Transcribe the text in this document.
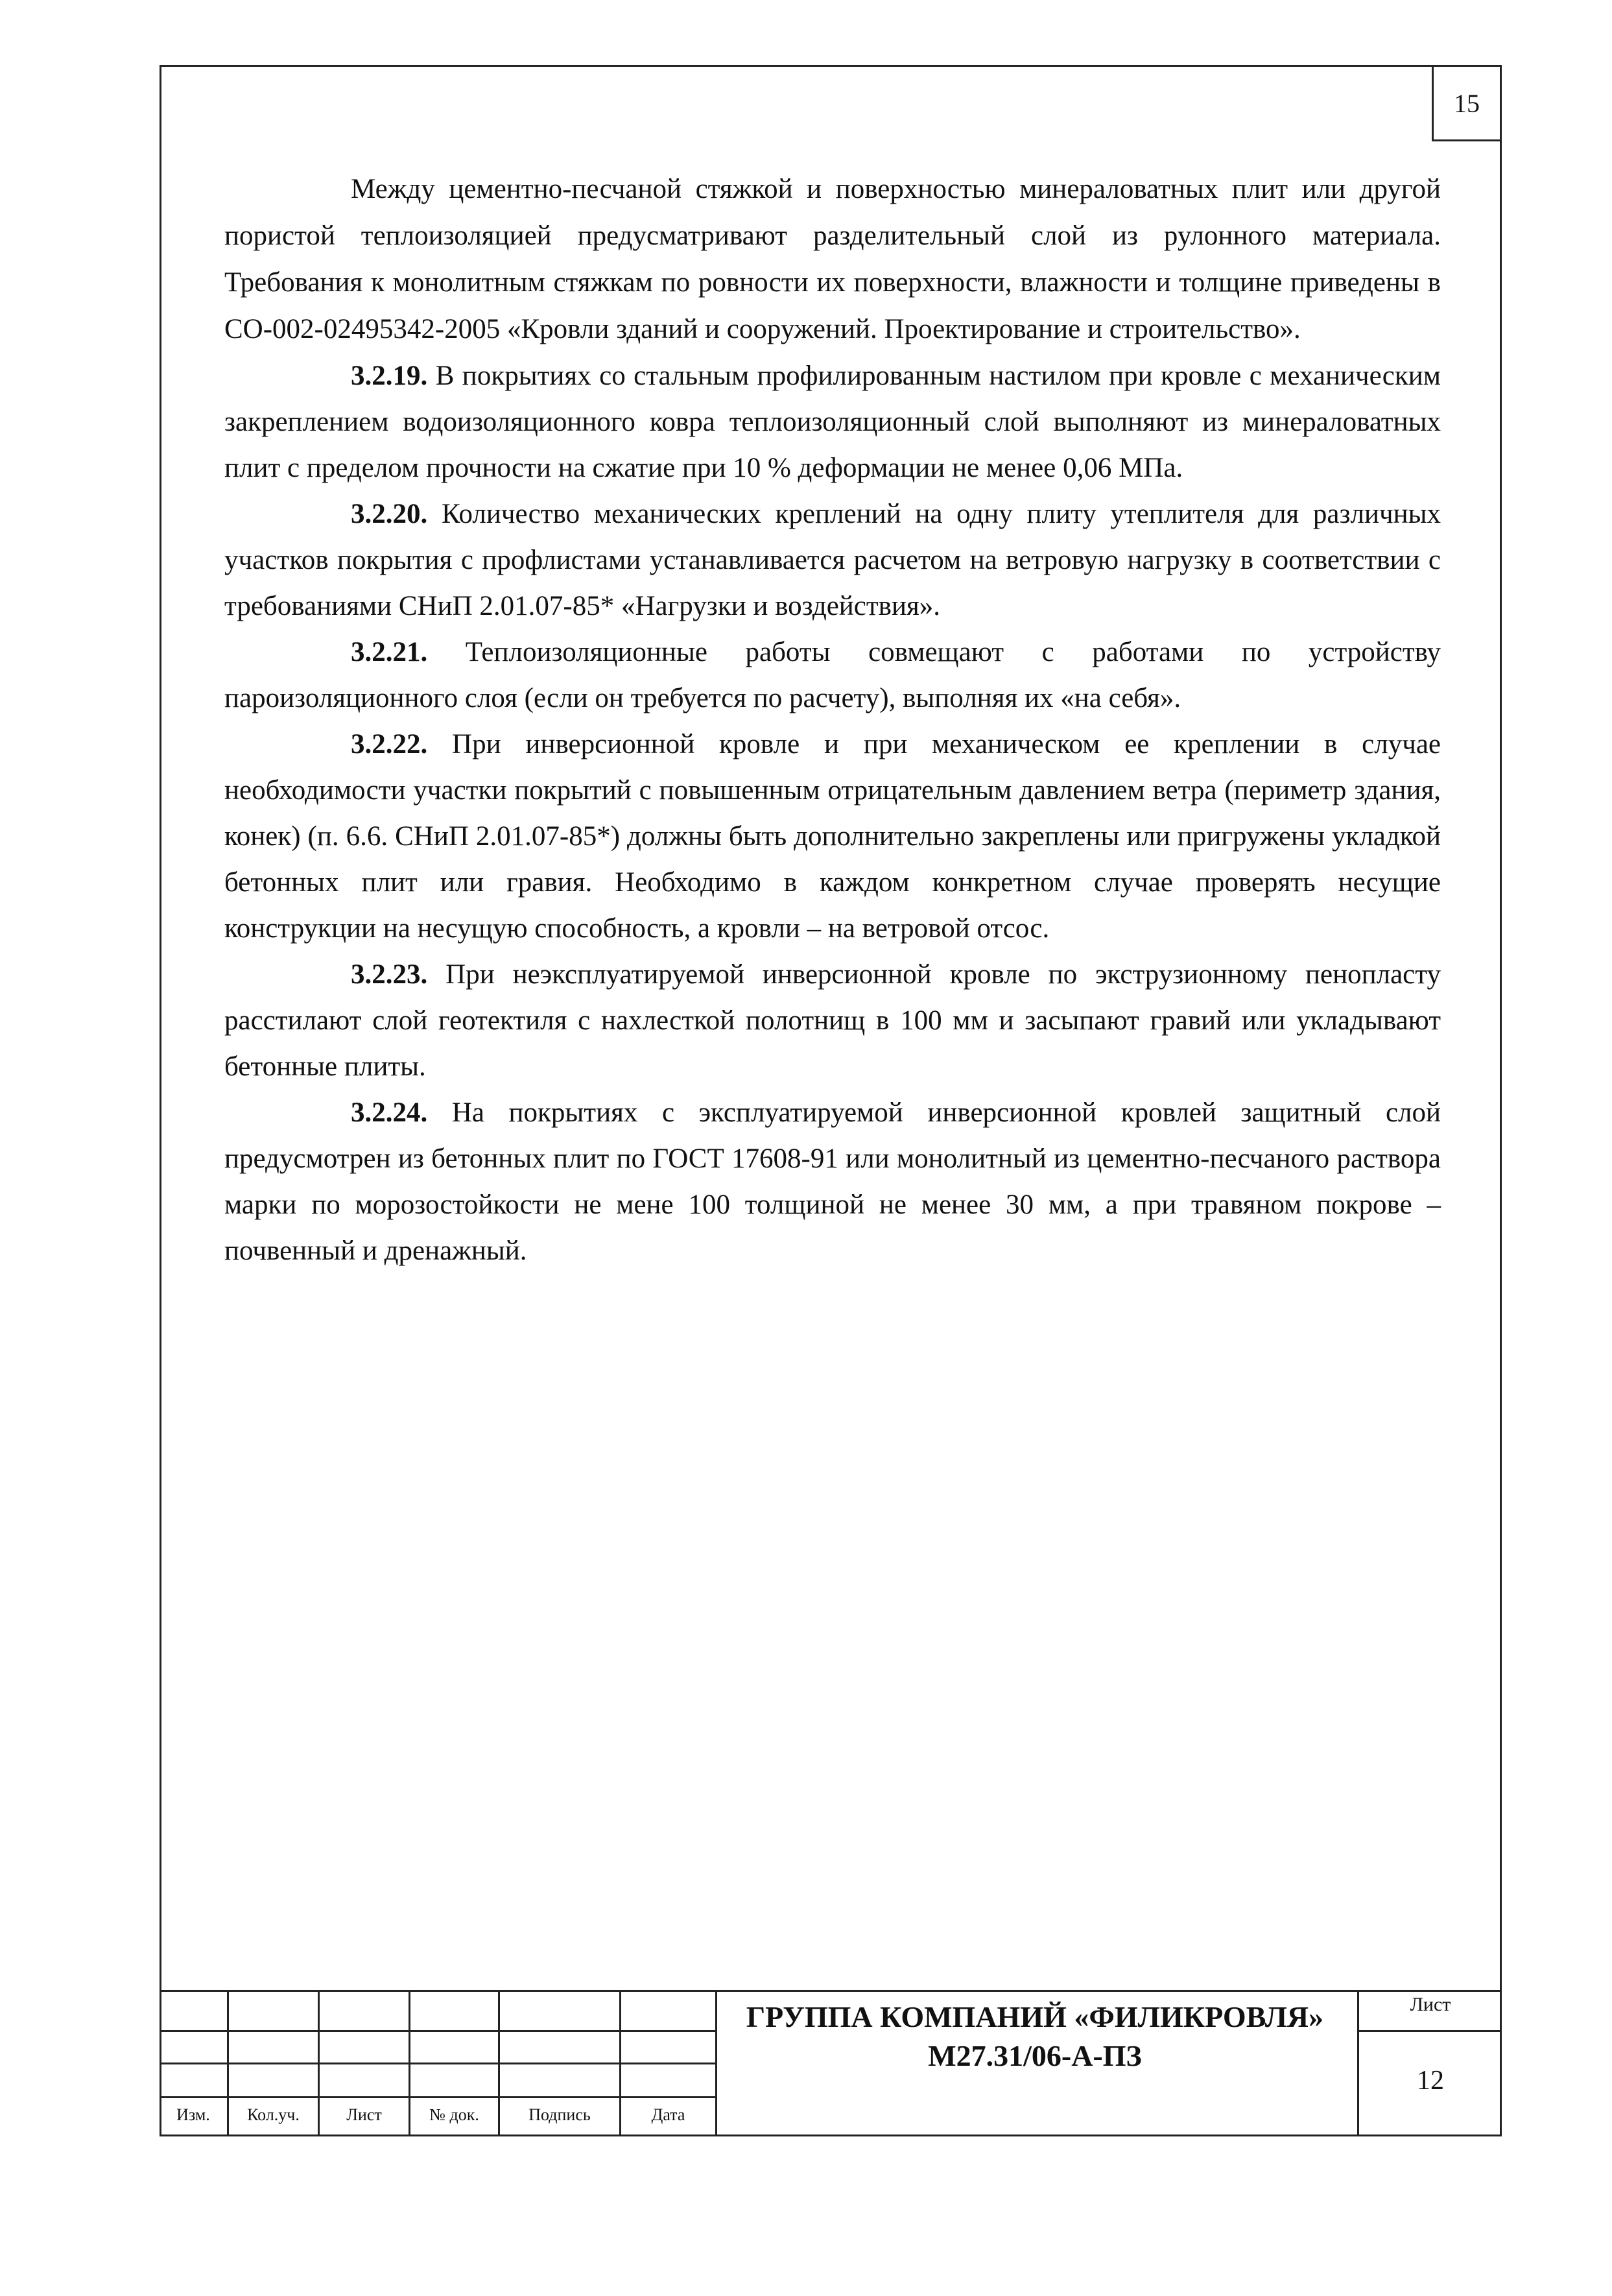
15

Между цементно-песчаной стяжкой и поверхностью минераловатных плит или другой пористой теплоизоляцией предусматривают разделительный слой из рулонного материала. Требования к монолитным стяжкам по ровности их поверхности, влажности и толщине приведены в СО-002-02495342-2005 «Кровли зданий и сооружений. Проектирование и строительство».

3.2.19. В покрытиях со стальным профилированным настилом при кровле с механическим закреплением водоизоляционного ковра теплоизоляционный слой выполняют из минераловатных плит с пределом прочности на сжатие при 10 % деформации не менее 0,06 МПа.

3.2.20. Количество механических креплений на одну плиту утеплителя для различных участков покрытия с профлистами устанавливается расчетом на ветровую нагрузку в соответствии с требованиями СНиП 2.01.07-85* «Нагрузки и воздействия».

3.2.21. Теплоизоляционные работы совмещают с работами по устройству пароизоляционного слоя (если он требуется по расчету), выполняя их «на себя».

3.2.22. При инверсионной кровле и при механическом ее креплении в случае необходимости участки покрытий с повышенным отрицательным давлением ветра (периметр здания, конек) (п. 6.6. СНиП 2.01.07-85*) должны быть дополнительно закреплены или пригружены укладкой бетонных плит или гравия. Необходимо в каждом конкретном случае проверять несущие конструкции на несущую способность, а кровли – на ветровой отсос.

3.2.23. При неэксплуатируемой инверсионной кровле по экструзионному пенопласту расстилают слой геотектиля с нахлесткой полотнищ в 100 мм и засыпают гравий или укладывают бетонные плиты.

3.2.24. На покрытиях с эксплуатируемой инверсионной кровлей защитный слой предусмотрен из бетонных плит по ГОСТ 17608-91 или монолитный из цементно-песчаного раствора марки по морозостойкости не мене 100 толщиной не менее 30 мм, а при травяном покрове – почвенный и дренажный.

Изм.	Кол.уч.	Лист	№ док.	Подпись	Дата
ГРУППА КОМПАНИЙ «ФИЛИКРОВЛЯ»
М27.31/06-А-ПЗ
Лист
12
